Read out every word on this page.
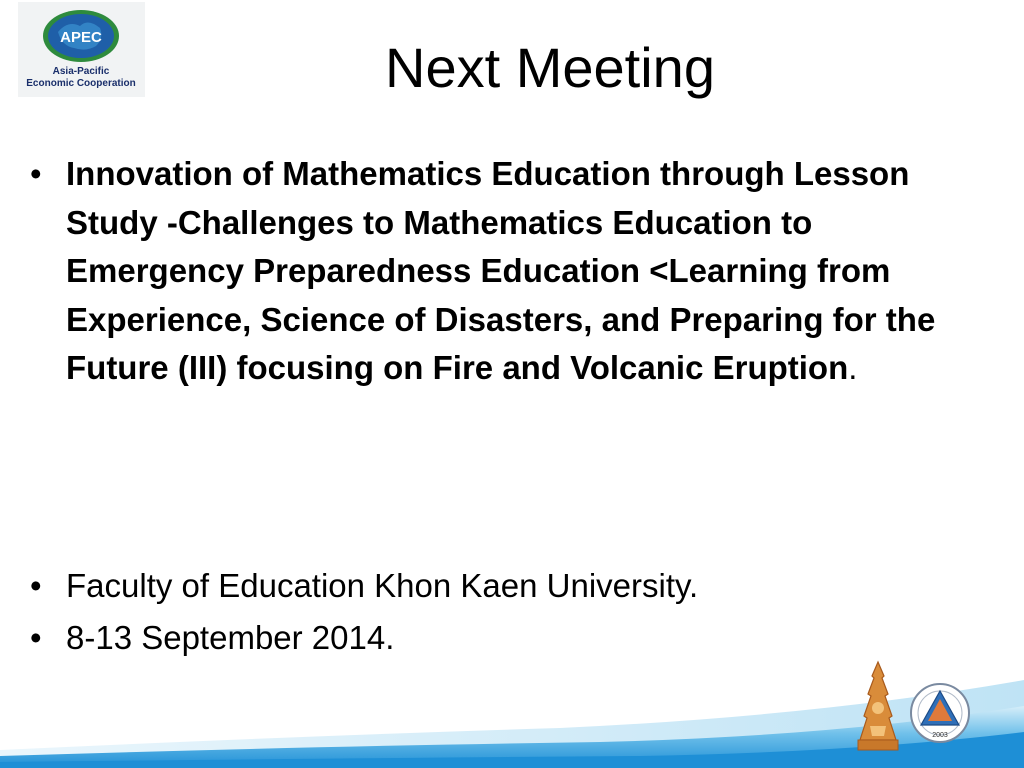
APEC
Asia-Pacific
Economic Cooperation	Next Meeting
• Innovation of Mathematics Education through Lesson Study -Challenges to Mathematics Education to Emergency Preparedness Education <Learning from Experience, Science of Disasters, and Preparing for the Future (III) focusing on Fire and Volcanic Eruption.
• Faculty of Education Khon Kaen University.
• 8-13 September 2014.
2003
